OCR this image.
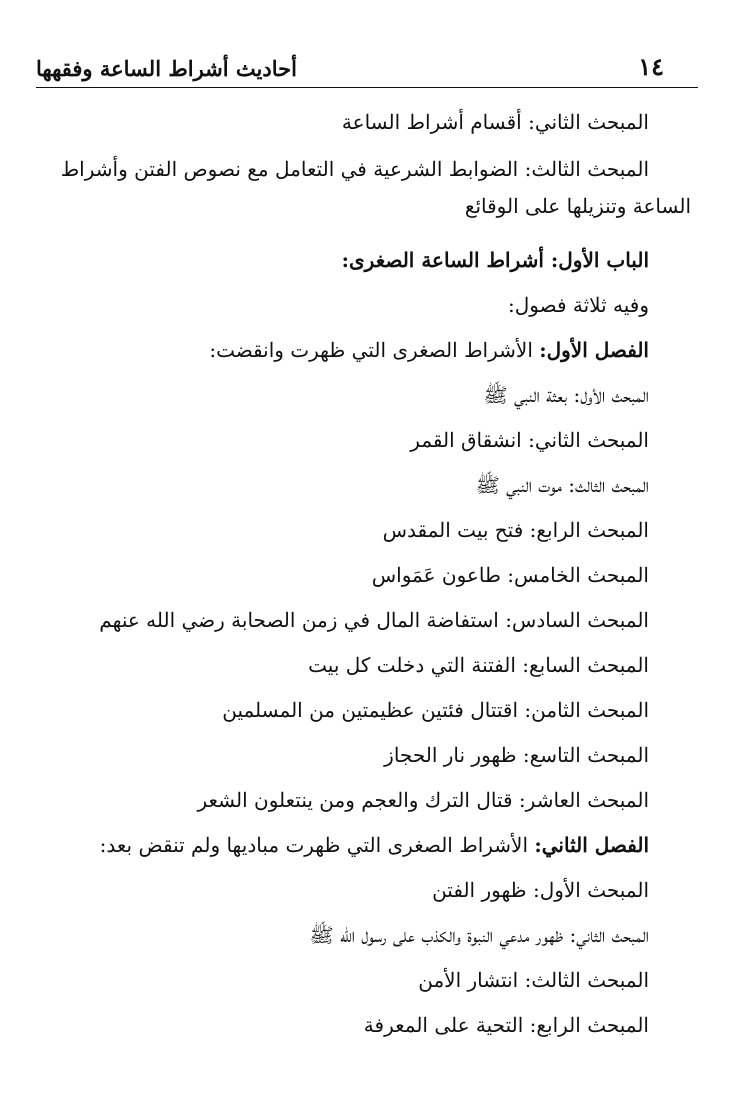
١٤
أحاديث أشراط الساعة وفقهها
المبحث الثاني: أقسام أشراط الساعة
المبحث الثالث: الضوابط الشرعية في التعامل مع نصوص الفتن وأشراط
الساعة وتنزيلها على الوقائع
الباب الأول: أشراط الساعة الصغرى:
وفيه ثلاثة فصول:
الفصل الأول: الأشراط الصغرى التي ظهرت وانقضت:
المبحث الأول: بعثة النبي ﷺ
المبحث الثاني: انشقاق القمر
المبحث الثالث: موت النبي ﷺ
المبحث الرابع: فتح بيت المقدس
المبحث الخامس: طاعون عَمَواس
المبحث السادس: استفاضة المال في زمن الصحابة رضي الله عنهم
المبحث السابع: الفتنة التي دخلت كل بيت
المبحث الثامن: اقتتال فئتين عظيمتين من المسلمين
المبحث التاسع: ظهور نار الحجاز
المبحث العاشر: قتال الترك والعجم ومن ينتعلون الشعر
الفصل الثاني: الأشراط الصغرى التي ظهرت مباديها ولم تنقض بعد:
المبحث الأول: ظهور الفتن
المبحث الثاني: ظهور مدعي النبوة والكذب على رسول الله ﷺ
المبحث الثالث: انتشار الأمن
المبحث الرابع: التحية على المعرفة
